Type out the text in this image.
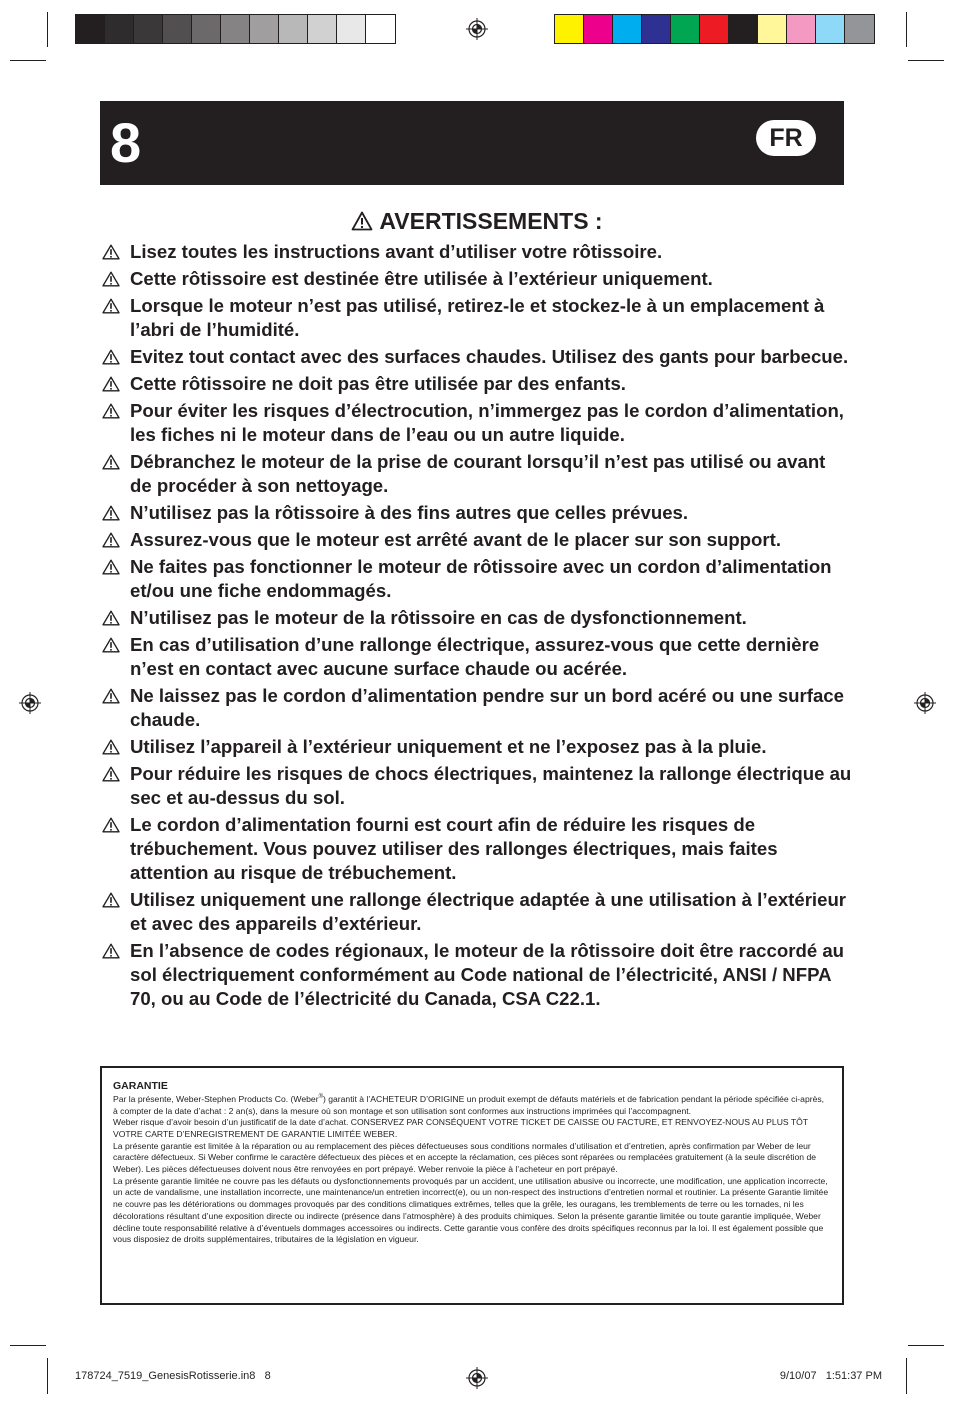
8	FR
AVERTISSEMENTS :
Lisez toutes les instructions avant d’utiliser votre rôtissoire.
Cette rôtissoire est destinée être utilisée à l’extérieur uniquement.
Lorsque le moteur n’est pas utilisé, retirez-le et stockez-le à un emplacement à l’abri de l’humidité.
Evitez tout contact avec des surfaces chaudes. Utilisez des gants pour barbecue.
Cette rôtissoire ne doit pas être utilisée par des enfants.
Pour éviter les risques d’électrocution, n’immergez pas le cordon d’alimentation, les fiches ni le moteur dans de l’eau ou un autre liquide.
Débranchez le moteur de la prise de courant lorsqu’il n’est pas utilisé ou avant de procéder à son nettoyage.
N’utilisez pas la rôtissoire à des fins autres que celles prévues.
Assurez-vous que le moteur est arrêté avant de le placer sur son support.
Ne faites pas fonctionner le moteur de rôtissoire avec un cordon d’alimentation et/ou une fiche endommagés.
N’utilisez pas le moteur de la rôtissoire en cas de dysfonctionnement.
En cas d’utilisation d’une rallonge électrique, assurez-vous que cette dernière n’est en contact avec aucune surface chaude ou acérée.
Ne laissez pas le cordon d’alimentation pendre sur un bord acéré ou une surface chaude.
Utilisez l’appareil à l’extérieur uniquement et ne l’exposez pas à la pluie.
Pour réduire les risques de chocs électriques, maintenez la rallonge électrique au sec et au-dessus du sol.
Le cordon d’alimentation fourni est court afin de réduire les risques de trébuchement. Vous pouvez utiliser des rallonges électriques, mais faites attention au risque de trébuchement.
Utilisez uniquement une rallonge électrique adaptée à une utilisation à l’extérieur et avec des appareils d’extérieur.
En l’absence de codes régionaux, le moteur de la rôtissoire doit être raccordé au sol électriquement conformément au Code national de l’électricité, ANSI / NFPA 70, ou au Code de l’électricité du Canada, CSA C22.1.
GARANTIE

Par la présente, Weber-Stephen Products Co. (Weber®) garantit à l’ACHETEUR D’ORIGINE un produit exempt de défauts matériels et de fabrication pendant la période spécifiée ci-après, à compter de la date d’achat : 2 an(s), dans la mesure où son montage et son utilisation sont conformes aux instructions imprimées qui l’accompagnent.

Weber risque d’avoir besoin d’un justificatif de la date d’achat. CONSERVEZ PAR CONSÉQUENT VOTRE TICKET DE CAISSE OU FACTURE, ET RENVOYEZ-NOUS AU PLUS TÔT VOTRE CARTE D’ENREGISTREMENT DE GARANTIE LIMITÉE WEBER.

La présente garantie est limitée à la réparation ou au remplacement des pièces défectueuses sous conditions normales d’utilisation et d’entretien, après confirmation par Weber de leur caractère défectueux. Si Weber confirme le caractère défectueux des pièces et en accepte la réclamation, ces pièces sont réparées ou remplacées gratuitement (à la seule discrétion de Weber). Les pièces défectueuses doivent nous être renvoyées en port prépayé. Weber renvoie la pièce à l’acheteur en port prépayé.

La présente garantie limitée ne couvre pas les défauts ou dysfonctionnements provoqués par un accident, une utilisation abusive ou incorrecte, une modification, une application incorrecte, un acte de vandalisme, une installation incorrecte, une maintenance/un entretien incorrect(e), ou un non-respect des instructions d’entretien normal et routinier. La présente Garantie limitée ne couvre pas les détériorations ou dommages provoqués par des conditions climatiques extrêmes, telles que la grêle, les ouragans, les tremblements de terre ou les tornades, ni les décolorations résultant d’une exposition directe ou indirecte (présence dans l’atmosphère) à des produits chimiques. Selon la présente garantie limitée ou toute garantie impliquée, Weber décline toute responsabilité relative à d’éventuels dommages accessoires ou indirects. Cette garantie vous confère des droits spécifiques reconnus par la loi. Il est également possible que vous disposiez de droits supplémentaires, tributaires de la législation en vigueur.

178724_7519_GenesisRotisserie.in8   8	9/10/07   1:51:37 PM
